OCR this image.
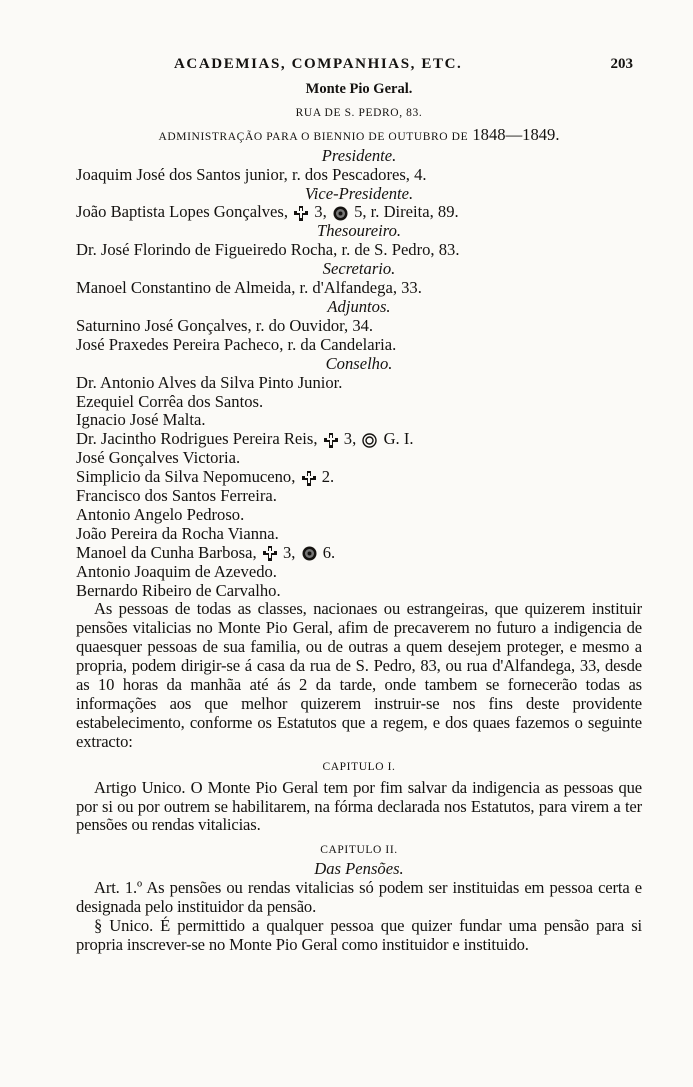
ACADEMIAS, COMPANHIAS, ETC.	203
Monte Pio Geral.
RUA DE S. PEDRO, 83.
ADMINISTRAÇÃO PARA O BIENNIO DE OUTUBRO DE 1848—1849.
Presidente.
Joaquim José dos Santos junior, r. dos Pescadores, 4.
Vice-Presidente.
João Baptista Lopes Gonçalves, 3, 5, r. Direita, 89.
Thesoureiro.
Dr. José Florindo de Figueiredo Rocha, r. de S. Pedro, 83.
Secretario.
Manoel Constantino de Almeida, r. d'Alfandega, 33.
Adjuntos.
Saturnino José Gonçalves, r. do Ouvidor, 34.
José Praxedes Pereira Pacheco, r. da Candelaria.
Conselho.
Dr. Antonio Alves da Silva Pinto Junior.
Ezequiel Corrêa dos Santos.
Ignacio José Malta.
Dr. Jacintho Rodrigues Pereira Reis, 3, G. I.
José Gonçalves Victoria.
Simplicio da Silva Nepomuceno, 2.
Francisco dos Santos Ferreira.
Antonio Angelo Pedroso.
João Pereira da Rocha Vianna.
Manoel da Cunha Barbosa, 3, 6.
Antonio Joaquim de Azevedo.
Bernardo Ribeiro de Carvalho.

As pessoas de todas as classes, nacionaes ou estrangeiras, que quizerem instituir pensões vitalicias no Monte Pio Geral, afim de precaverem no futuro a indigencia de quaesquer pessoas de sua familia, ou de outras a quem desejem proteger, e mesmo a propria, podem dirigir-se á casa da rua de S. Pedro, 83, ou rua d'Alfandega, 33, desde as 10 horas da manhãa até ás 2 da tarde, onde tambem se fornecerão todas as informações aos que melhor quizerem instruir-se nos fins deste providente estabelecimento, conforme os Estatutos que a regem, e dos quaes fazemos o seguinte extracto:

CAPITULO I.

Artigo Unico. O Monte Pio Geral tem por fim salvar da indigencia as pessoas que por si ou por outrem se habilitarem, na fórma declarada nos Estatutos, para virem a ter pensões ou rendas vitalicias.

CAPITULO II.
Das Pensões.

Art. 1.º As pensões ou rendas vitalicias só podem ser instituidas em pessoa certa e designada pelo instituidor da pensão.

§ Unico. É permittido a qualquer pessoa que quizer fundar uma pensão para si propria inscrever-se no Monte Pio Geral como instituidor e instituido.
